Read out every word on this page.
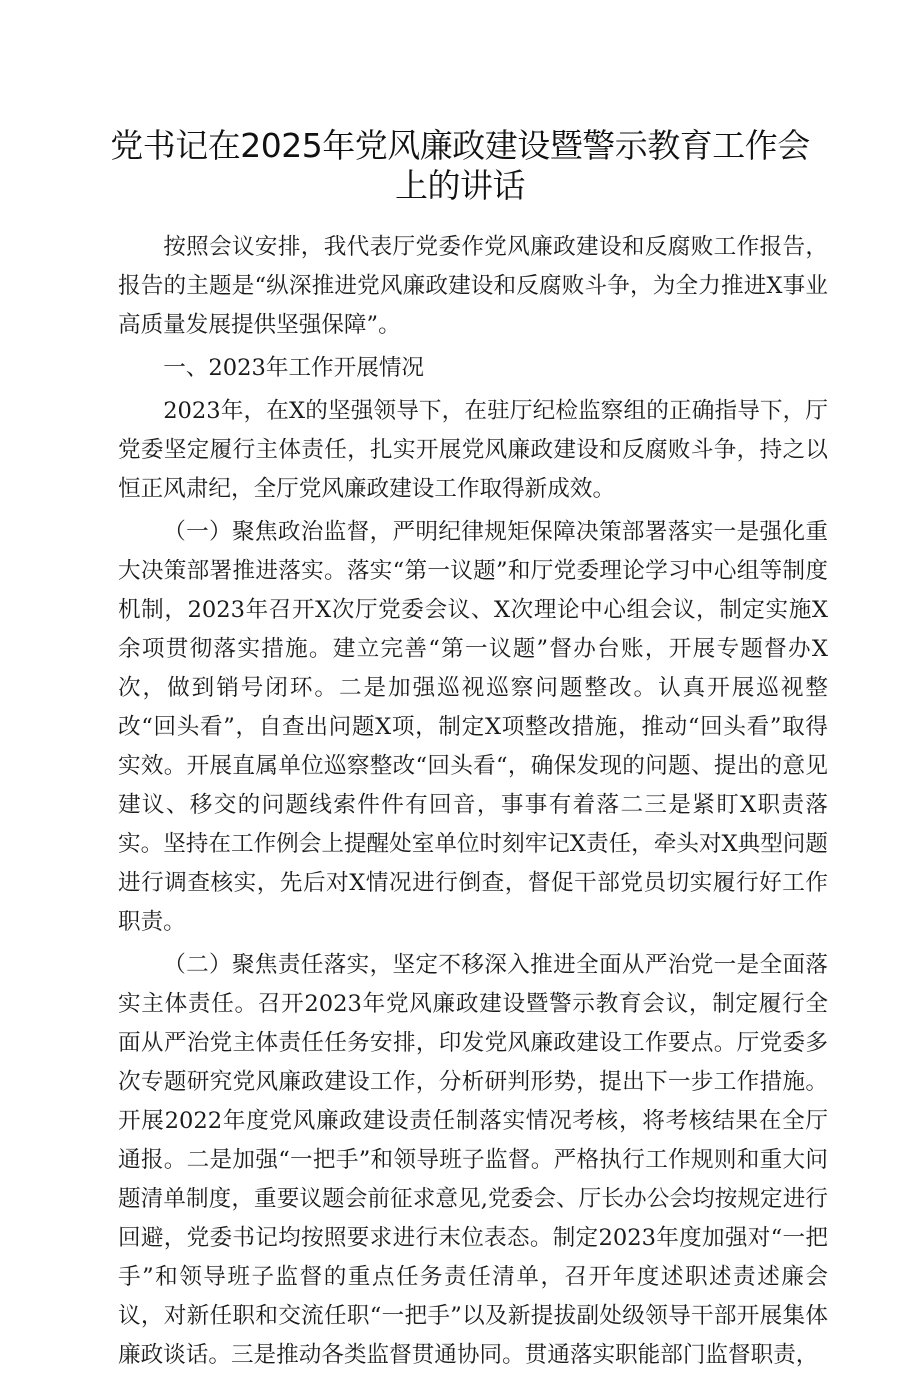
党书记在2025年党风廉政建设暨警示教育工作会上的讲话

按照会议安排，我代表厅党委作党风廉政建设和反腐败工作报告，报告的主题是“纵深推进党风廉政建设和反腐败斗争，为全力推进X事业高质量发展提供坚强保障”。

一、2023年工作开展情况

2023年，在X的坚强领导下，在驻厅纪检监察组的正确指导下，厅党委坚定履行主体责任，扎实开展党风廉政建设和反腐败斗争，持之以恒正风肃纪，全厅党风廉政建设工作取得新成效。

（一）聚焦政治监督，严明纪律规矩保障决策部署落实一是强化重大决策部署推进落实。落实“第一议题”和厅党委理论学习中心组等制度机制，2023年召开X次厅党委会议、X次理论中心组会议，制定实施X余项贯彻落实措施。建立完善“第一议题”督办台账，开展专题督办X次，做到销号闭环。二是加强巡视巡察问题整改。认真开展巡视整改“回头看”，自查出问题X项，制定X项整改措施，推动“回头看”取得实效。开展直属单位巡察整改“回头看“，确保发现的问题、提出的意见建议、移交的问题线索件件有回音，事事有着落二三是紧盯X职责落实。坚持在工作例会上提醒处室单位时刻牢记X责任，牵头对X典型问题进行调查核实，先后对X情况进行倒查，督促干部党员切实履行好工作职责。

（二）聚焦责任落实，坚定不移深入推进全面从严治党一是全面落实主体责任。召开2023年党风廉政建设暨警示教育会议，制定履行全面从严治党主体责任任务安排，印发党风廉政建设工作要点。厅党委多次专题研究党风廉政建设工作，分析研判形势，提出下一步工作措施。开展2022年度党风廉政建设责任制落实情况考核，将考核结果在全厅通报。二是加强“一把手”和领导班子监督。严格执行工作规则和重大问题清单制度，重要议题会前征求意见,党委会、厅长办公会均按规定进行回避，党委书记均按照要求进行末位表态。制定2023年度加强对“一把手”和领导班子监督的重点任务责任清单，召开年度述职述责述廉会议，对新任职和交流任职“一把手”以及新提拔副处级领导干部开展集体廉政谈话。三是推动各类监督贯通协同。贯通落实职能部门监督职责，
